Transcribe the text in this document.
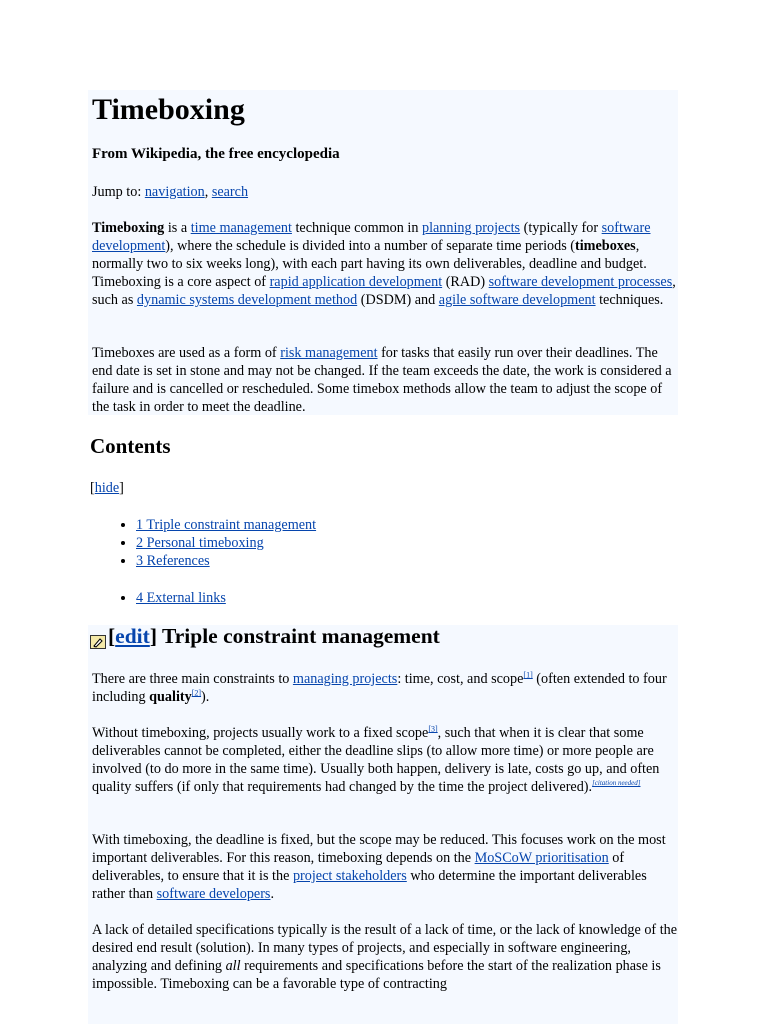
Timeboxing
From Wikipedia, the free encyclopedia
Jump to: navigation, search

Timeboxing is a time management technique common in planning projects (typically for software development), where the schedule is divided into a number of separate time periods (timeboxes, normally two to six weeks long), with each part having its own deliverables, deadline and budget. Timeboxing is a core aspect of rapid application development (RAD) software development processes, such as dynamic systems development method (DSDM) and agile software development techniques.

Timeboxes are used as a form of risk management for tasks that easily run over their deadlines. The end date is set in stone and may not be changed. If the team exceeds the date, the work is considered a failure and is cancelled or rescheduled. Some timebox methods allow the team to adjust the scope of the task in order to meet the deadline.

Contents
[hide]
• 1 Triple constraint management
• 2 Personal timeboxing
• 3 References
• 4 External links
[ edit ] Triple constraint management

There are three main constraints to managing projects: time, cost, and scope[1] (often extended to four including quality[2]).

Without timeboxing, projects usually work to a fixed scope[3], such that when it is clear that some deliverables cannot be completed, either the deadline slips (to allow more time) or more people are involved (to do more in the same time). Usually both happen, delivery is late, costs go up, and often quality suffers (if only that requirements had changed by the time the project delivered).[citation needed]

With timeboxing, the deadline is fixed, but the scope may be reduced. This focuses work on the most important deliverables. For this reason, timeboxing depends on the MoSCoW prioritisation of deliverables, to ensure that it is the project stakeholders who determine the important deliverables rather than software developers.

A lack of detailed specifications typically is the result of a lack of time, or the lack of knowledge of the desired end result (solution). In many types of projects, and especially in software engineering, analyzing and defining all requirements and specifications before the start of the realization phase is impossible. Timeboxing can be a favorable type of contracting
